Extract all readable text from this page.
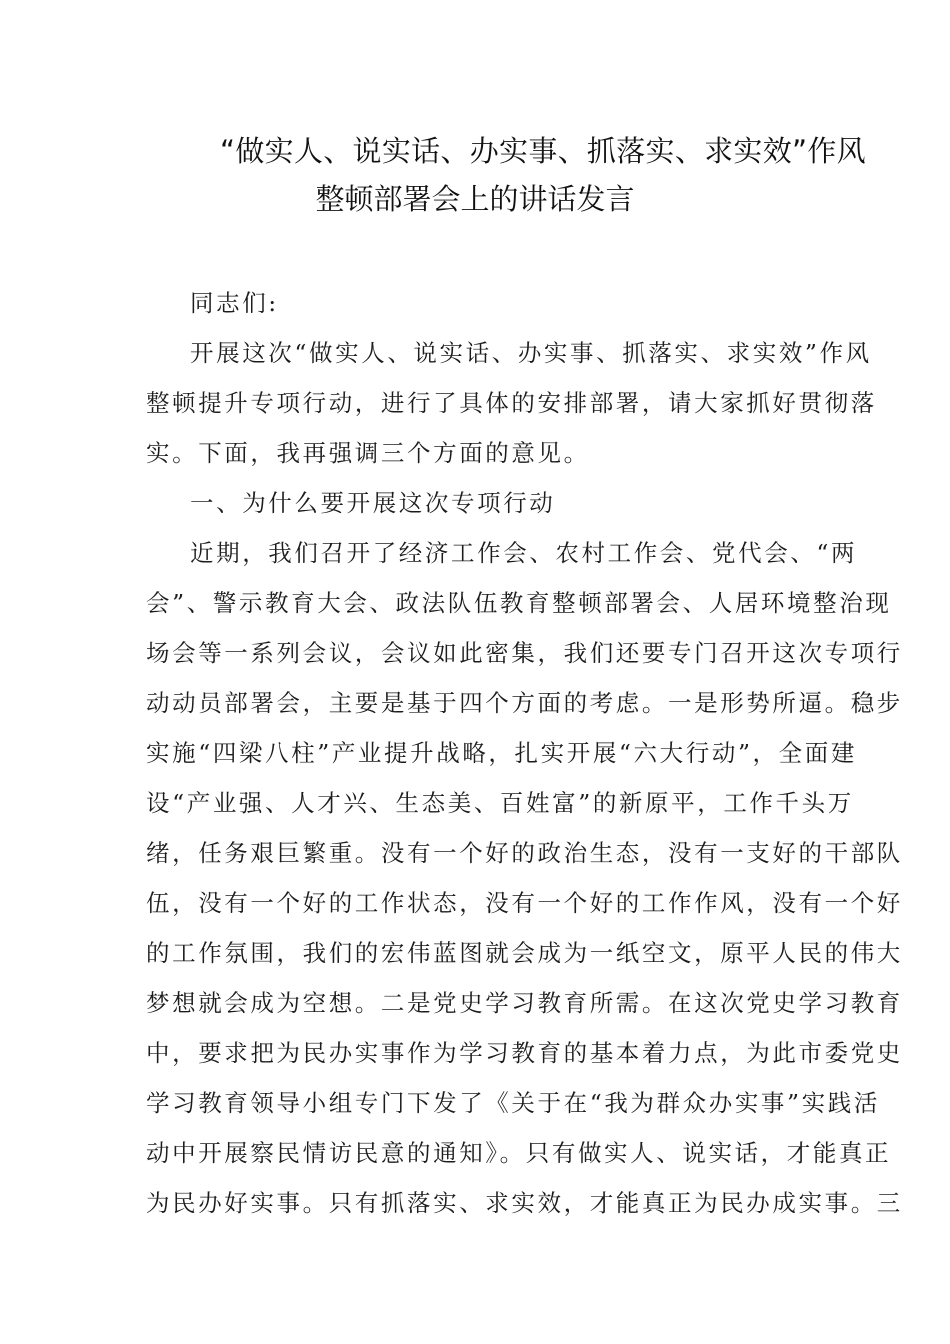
“做实人、说实话、办实事、抓落实、求实效”作风
整顿部署会上的讲话发言
同志们:
开展这次“做实人、说实话、办实事、抓落实、求实效”作风
整顿提升专项行动，进行了具体的安排部署，请大家抓好贯彻落
实。下面，我再强调三个方面的意见。
一、为什么要开展这次专项行动
近期，我们召开了经济工作会、农村工作会、党代会、“两
会”、警示教育大会、政法队伍教育整顿部署会、人居环境整治现
场会等一系列会议，会议如此密集，我们还要专门召开这次专项行
动动员部署会，主要是基于四个方面的考虑。一是形势所逼。稳步
实施“四梁八柱”产业提升战略，扎实开展“六大行动”，全面建
设“产业强、人才兴、生态美、百姓富”的新原平，工作千头万
绪，任务艰巨繁重。没有一个好的政治生态，没有一支好的干部队
伍，没有一个好的工作状态，没有一个好的工作作风，没有一个好
的工作氛围，我们的宏伟蓝图就会成为一纸空文，原平人民的伟大
梦想就会成为空想。二是党史学习教育所需。在这次党史学习教育
中，要求把为民办实事作为学习教育的基本着力点，为此市委党史
学习教育领导小组专门下发了《关于在“我为群众办实事”实践活
动中开展察民情访民意的通知》。只有做实人、说实话，才能真正
为民办好实事。只有抓落实、求实效，才能真正为民办成实事。三
